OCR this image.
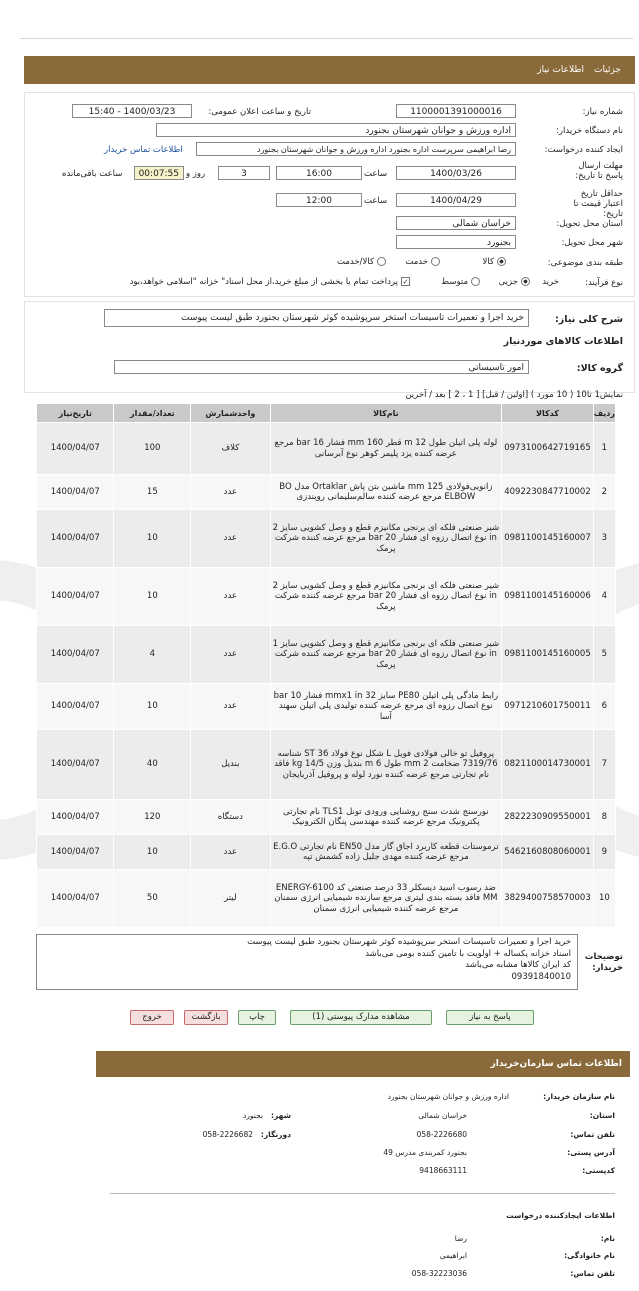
جزئیات
اطلاعات نیاز
شماره نیاز:
1100001391000016
تاریخ و ساعت اعلان عمومی:
1400/03/23 - 15:40
نام دستگاه خریدار:
اداره ورزش و جوانان شهرستان بجنورد
ایجاد کننده درخواست:
رضا ابراهیمی سرپرست اداره بجنورد اداره ورزش و جوانان شهرستان بجنورد
اطلاعات تماس خریدار
مهلت ارسال پاسخ تا تاریخ:
1400/03/26
ساعت
16:00
3
روز و
00:07:55
ساعت باقی‌مانده
حداقل تاریخ اعتبار قیمت تا تاریخ:
1400/04/29
ساعت
12:00
استان محل تحویل:
خراسان شمالی
شهر محل تحویل:
بجنورد
طبقه بندی موضوعی:
کالا
خدمت
کالا/خدمت
نوع فرآیند:
خرید
جزیی
متوسط
✓پرداخت تمام یا بخشی از مبلغ خرید،از محل اسناد" خزانه "اسلامی خواهد،بود
شرح کلی نیاز:
خرید اجرا و تعمیرات تاسیسات استخر سرپوشیده کوثر شهرستان بجنورد طبق لیست پیوست
اطلاعات کالاهای موردنیاز
گروه کالا:
امور تاسیساتی
نمایش1 تا10 ( 10 مورد ) [اولین / قبل] [ 1 ، 2 ] بعد / آخرین
ردیف	کدکالا	نام‌کالا	واحدشمارش	تعداد/مقدار	تاریخ‌نیاز
1	0973100642719165	لوله پلی اتیلن طول 12 m قطر 160 mm فشار 16 bar مرجع عرضه کننده یزد پلیمر کوهر نوع آبرسانی	کلاف	100	1400/04/07
2	4092230847710002	زانویی‌فولادی 125 mm ماشین بتن پاش Ortaklar مدل BO ELBOW مرجع عرضه کننده سالم‌سلیمانی رویندزی	عدد	15	1400/04/07
3	0981100145160007	شیر صنعتی فلکه ای برنجی مکانیزم قطع و وصل کشویی سایز 2 in نوع اتصال رزوه ای فشار 20 bar مرجع عرضه کننده شرکت پرمک	عدد	10	1400/04/07
4	0981100145160006	شیر صنعتی فلکه ای برنجی مکانیزم قطع و وصل کشویی سایز 2 in نوع اتصال رزوه ای فشار 20 bar مرجع عرضه کننده شرکت پرمک	عدد	10	1400/04/07
5	0981100145160005	شیر صنعتی فلکه ای برنجی مکانیزم قطع و وصل کشویی سایز 1 in نوع اتصال رزوه ای فشار 20 bar مرجع عرضه کننده شرکت پرمک	عدد	4	1400/04/07
6	0971210601750011	رابط مادگی پلی اتیلن PE80 سایز 32 mmx1 in فشار 10 bar نوع اتصال رزوه ای مرجع عرضه کننده تولیدی پلی اتیلن سهند آسا	عدد	10	1400/04/07
7	0821100014730001	پروفیل تو خالی فولادی فویل L شکل نوع فولاد ST 36 شناسه 7319/76 ضخامت 2 mm طول 6 m بندیل وزن 14/5 kg فاقد نام تجارتی مرجع عرضه کننده نورد لوله و پروفیل آذربایجان	بندیل	40	1400/04/07
8	2822230909550001	نورسنج شدت سنج روشنایی ورودی تونل TLS1 نام تجارتی پکترونیک مرجع عرضه کننده مهندسی پنگان الکترونیک	دستگاه	120	1400/04/07
9	5462160808060001	ترموستات قطعه کاربرد اجاق گاز مدل EN50 نام تجارتی E.G.O مرجع عرضه کننده مهدی جلیل زاده کشمش تپه	عدد	10	1400/04/07
10	3829400758570003	ضد رسوب اسید دیسکلر 33 درصد صنعتی کد ENERGY-6100 MM فاقد بسته بندی لیتری مرجع سازنده شیمیایی انرژی سمنان مرجع عرضه کننده شیمیایی انرژی سمنان	لیتر	50	1400/04/07
توضیحات خریدار:
خرید اجرا و تعمیرات تاسیسات استخر سرپوشیده کوثر شهرستان بجنورد طبق لیست پیوست
اسناد خزانه یکساله + اولویت با تامین کننده بومی می‌باشد
کد ایران کالاها مشابه می‌باشد
09391840010
پاسخ به نیاز
مشاهده مدارک پیوستی (1)
چاپ
بازگشت
خروج
اطلاعات تماس سازمان‌خریدار
نام سازمان خریدار:
اداره ورزش و جوانان شهرستان بجنورد
استان:
خراسان شمالی
شهر:
بجنورد
تلفن تماس:
058-2226680
دورنگار:
058-2226682
آدرس پستی:
بجنورد کمربندی مدرس 49
کدپستی:
9418663111
اطلاعات ایجادکننده درخواست
نام:
رضا
نام خانوادگی:
ابراهیمی
تلفن تماس:
058-32223036
